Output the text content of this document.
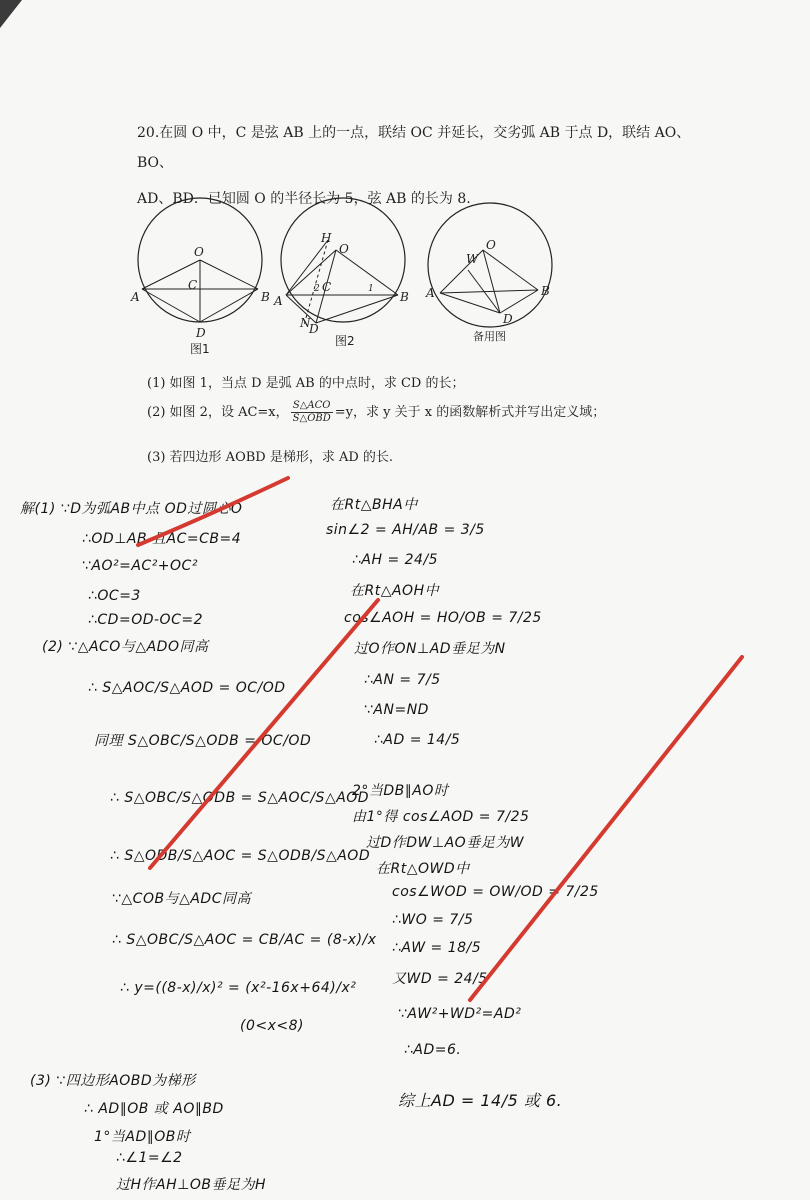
20.在圆 O 中，C 是弦 AB 上的一点，联结 OC 并延长，交劣弧 AB 于点 D，联结 AO、BO、

AD、BD．已知圆 O 的半径长为 5，弦 AB 的长为 8.

O
A	B
C
D
图1
O
H
A	B
C
D
N
1
2
图2
O
W
A	B
D
备用图
(1) 如图 1，当点 D 是弧 AB 的中点时，求 CD 的长；
(2) 如图 2，设 AC=x， $\frac{\text{S△ACO}}{\text{S△OBD}} =y$，求 y 关于 x 的函数解析式并写出定义域；
(3) 若四边形 AOBD 是梯形，求 AD 的长.
解(1) ∵D为弧AB中点 OD过圆心O
∴OD⊥AB 且AC=CB=4
∵AO²=AC²+OC²
∴OC=3
∴CD=OD-OC=2
(2) ∵△ACO与△ADO同高
∴ S△AOC/S△AOD = OC/OD
同理 S△OBC/S△ODB = OC/OD
∴ S△OBC/S△ODB = S△AOC/S△AOD
∴ S△ODB/S△AOC = S△ODB/S△AOD
∵△COB与△ADC同高
∴ S△OBC/S△AOC = CB/AC = (8-x)/x
∴ y=((8-x)/x)² = (x²-16x+64)/x²
(0<x<8)
(3) ∵四边形AOBD为梯形
∴ AD∥OB 或 AO∥BD
1°当AD∥OB时
∴∠1=∠2
过H作AH⊥OB垂足为H
在Rt△BHA中
sin∠2 = AH/AB = 3/5
∴AH = 24/5
在Rt△AOH中
cos∠AOH = HO/OB = 7/25
过O作ON⊥AD垂足为N
∴AN = 7/5
∵AN=ND
∴AD = 14/5
2°当DB∥AO时
由1°得 cos∠AOD = 7/25
过D作DW⊥AO垂足为W
在Rt△OWD中
cos∠WOD = OW/OD = 7/25
∴WO = 7/5
∴AW = 18/5
又WD = 24/5
∵AW²+WD²=AD²
∴AD=6.
综上AD = 14/5 或 6.
